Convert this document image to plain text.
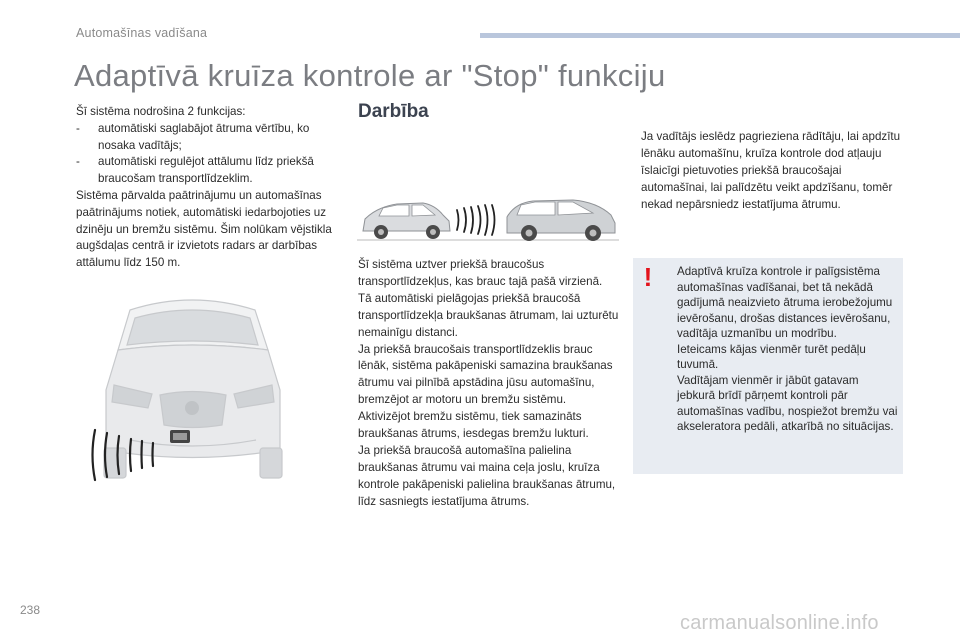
Automašīnas vadīšana
Adaptīvā kruīza kontrole ar "Stop" funkciju

Šī sistēma nodrošina 2 funkcijas:

- automātiski saglabājot ātruma vērtību, ko nosaka vadītājs;
- automātiski regulējot attālumu līdz priekšā braucošam transportlīdzeklim.

Sistēma pārvalda paātrinājumu un automašīnas paātrinājums notiek, automātiski iedarbojoties uz dzinēju un bremžu sistēmu. Šim nolūkam vējstikla augšdaļas centrā ir izvietots radars ar darbības attālumu līdz 150 m.

Darbība

Šī sistēma uztver priekšā braucošus transportlīdzekļus, kas brauc tajā pašā virzienā.

Tā automātiski pielāgojas priekšā braucošā transportlīdzekļa braukšanas ātrumam, lai uzturētu nemainīgu distanci.

Ja priekšā braucošais transportlīdzeklis brauc lēnāk, sistēma pakāpeniski samazina braukšanas ātrumu vai pilnībā apstādina jūsu automašīnu, bremzējot ar motoru un bremžu sistēmu.

Aktivizējot bremžu sistēmu, tiek samazināts braukšanas ātrums, iesdegas bremžu lukturi.

Ja priekšā braucošā automašīna palielina braukšanas ātrumu vai maina ceļa joslu, kruīza kontrole pakāpeniski palielina braukšanas ātrumu, līdz sasniegts iestatījuma ātrums.

Ja vadītājs ieslēdz pagrieziena rādītāju, lai apdzītu lēnāku automašīnu, kruīza kontrole dod atļauju īslaicīgi pietuvoties priekšā braucošajai automašīnai, lai palīdzētu veikt apdzīšanu, tomēr nekad nepārsniedz iestatījuma ātrumu.

!	Adaptīvā kruīza kontrole ir palīgsistēma automašīnas vadīšanai, bet tā nekādā gadījumā neaizvieto ātruma ierobežojumu ievērošanu, drošas distances ievērošanu, vadītāja uzmanību un modrību.

Ieteicams kājas vienmēr turēt pedāļu tuvumā.

Vadītājam vienmēr ir jābūt gatavam jebkurā brīdī pārņemt kontroli pār automašīnas vadību, nospiežot bremžu vai akseleratora pedāli, atkarībā no situācijas.

238
carmanualsonline.info
